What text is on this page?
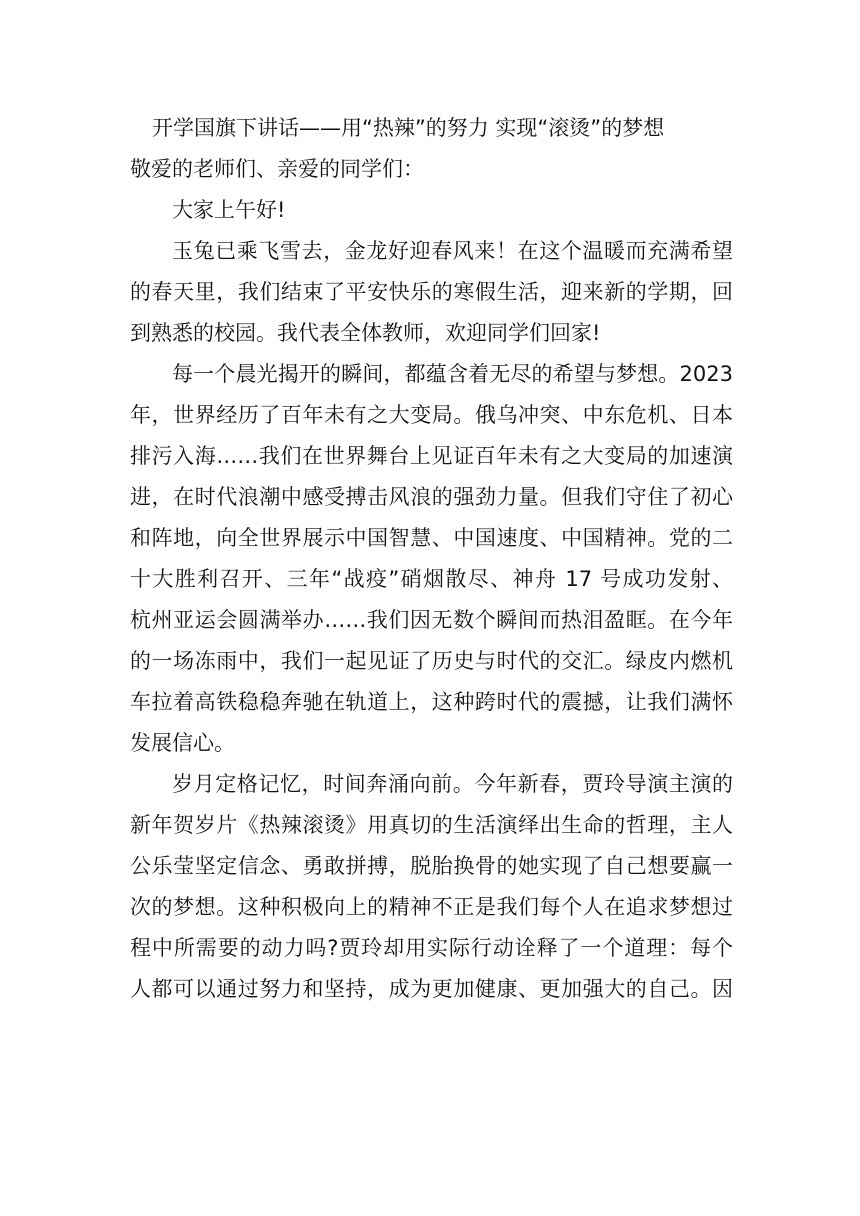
开学国旗下讲话——用“热辣”的努力 实现“滚烫”的梦想
敬爱的老师们、亲爱的同学们：
大家上午好!
玉兔已乘飞雪去，金龙好迎春风来！在这个温暖而充满希望
的春天里，我们结束了平安快乐的寒假生活，迎来新的学期，回
到熟悉的校园。我代表全体教师，欢迎同学们回家!
每一个晨光揭开的瞬间，都蕴含着无尽的希望与梦想。2023
年，世界经历了百年未有之大变局。俄乌冲突、中东危机、日本
排污入海……我们在世界舞台上见证百年未有之大变局的加速演
进，在时代浪潮中感受搏击风浪的强劲力量。但我们守住了初心
和阵地，向全世界展示中国智慧、中国速度、中国精神。党的二
十大胜利召开、三年“战疫”硝烟散尽、神舟 17 号成功发射、
杭州亚运会圆满举办……我们因无数个瞬间而热泪盈眶。在今年
的一场冻雨中，我们一起见证了历史与时代的交汇。绿皮内燃机
车拉着高铁稳稳奔驰在轨道上，这种跨时代的震撼，让我们满怀
发展信心。
岁月定格记忆，时间奔涌向前。今年新春，贾玲导演主演的
新年贺岁片《热辣滚烫》用真切的生活演绎出生命的哲理，主人
公乐莹坚定信念、勇敢拼搏，脱胎换骨的她实现了自己想要赢一
次的梦想。这种积极向上的精神不正是我们每个人在追求梦想过
程中所需要的动力吗?贾玲却用实际行动诠释了一个道理：每个
人都可以通过努力和坚持，成为更加健康、更加强大的自己。因
